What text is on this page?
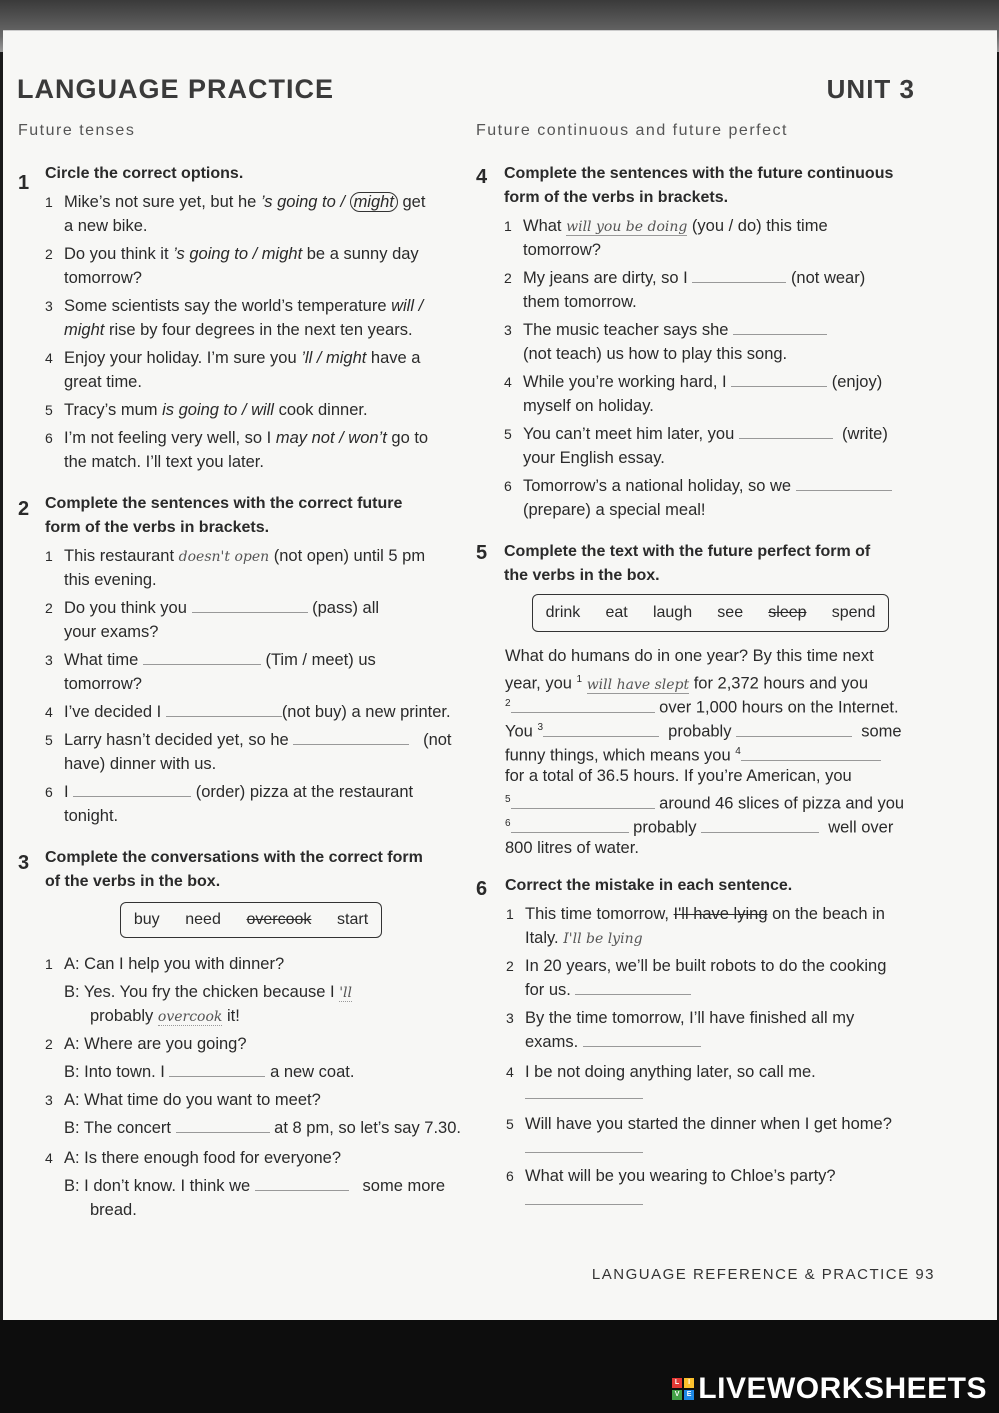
LANGUAGE PRACTICE	UNIT 3
Future tenses
1 Circle the correct options.
1 Mike’s not sure yet, but he ’s going to / might get
a new bike.
2 Do you think it ’s going to / might be a sunny day
tomorrow?
3 Some scientists say the world’s temperature will /
might rise by four degrees in the next ten years.
4 Enjoy your holiday. I’m sure you ’ll / might have a
great time.
5 Tracy’s mum is going to / will cook dinner.
6 I’m not feeling very well, so I may not / won’t go to
the match. I’ll text you later.
2 Complete the sentences with the correct future
form of the verbs in brackets.
1 This restaurant doesn't open (not open) until 5 pm
this evening.
2 Do you think you	(pass) all
your exams?
3 What time	(Tim / meet) us
tomorrow?
4 I’ve decided I	(not buy) a new printer.
5 Larry hasn’t decided yet, so he	(not
have) dinner with us.
6 I	(order) pizza at the restaurant
tonight.
3 Complete the conversations with the correct form
of the verbs in the box.
buy need overcook start
1 A: Can I help you with dinner?
B: Yes. You fry the chicken because I 'll
probably overcook it!
2 A: Where are you going?
B: Into town. I	a new coat.
3 A: What time do you want to meet?
B: The concert	at 8 pm, so let’s say 7.30.
4 A: Is there enough food for everyone?
B: I don’t know. I think we	some more
bread.
Future continuous and future perfect
4 Complete the sentences with the future continuous
form of the verbs in brackets.
1 What will you be doing (you / do) this time
tomorrow?
2 My jeans are dirty, so I	(not wear)
them tomorrow.
3 The music teacher says she
(not teach) us how to play this song.
4 While you’re working hard, I	(enjoy)
myself on holiday.
5 You can’t meet him later, you	(write)
your English essay.
6 Tomorrow’s a national holiday, so we
(prepare) a special meal!
5 Complete the text with the future perfect form of
the verbs in the box.
drink eat laugh see sleep spend
What do humans do in one year? By this time next
year, you $^1$ will have slept for 2,372 hours and you
$^2$	over 1,000 hours on the Internet.
You $^3$	probably	some
funny things, which means you $^4$
for a total of 36.5 hours. If you’re American, you
$^5$	around 46 slices of pizza and you
$^6$	probably	well over
800 litres of water.
6 Correct the mistake in each sentence.
1 This time tomorrow, I'll have lying on the beach in
Italy. I'll be lying
2 In 20 years, we’ll be built robots to do the cooking
for us.
3 By the time tomorrow, I’ll have finished all my
exams.
4 I be not doing anything later, so call me.
5 Will have you started the dinner when I get home?
6 What will be you wearing to Chloe’s party?
LANGUAGE REFERENCE & PRACTICE 93
L	I
V E LIVEWORKSHEETS
